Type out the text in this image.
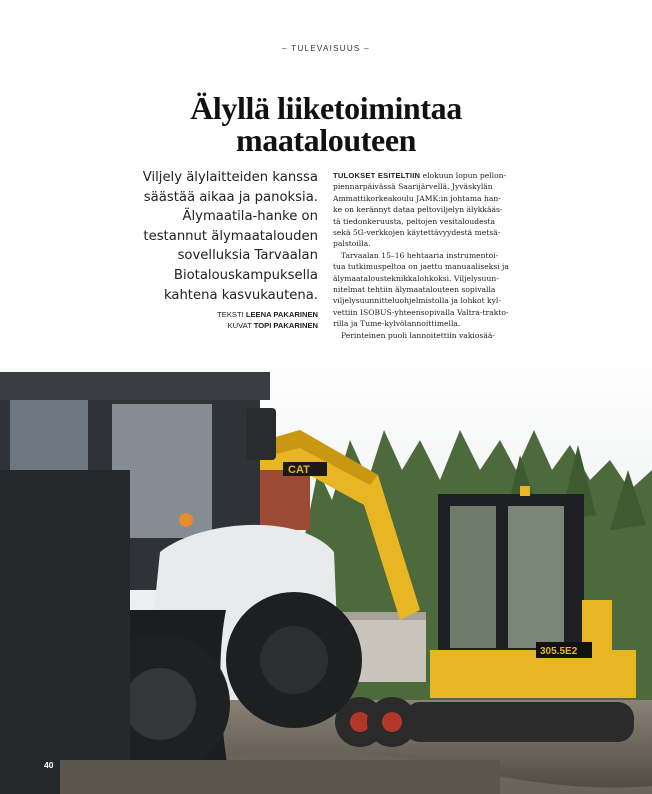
– TULEVAISUUS –
Älyllä liiketoimintaa
maatalouteen
Viljely älylaitteiden kanssa
säästää aikaa ja panoksia.
Älymaatila-hanke on
testannut älymaatalouden
sovelluksia Tarvaalan
Biotalouskampuksella
kahtena kasvukautena.
TEKSTI LEENA PAKARINEN
KUVAT TOPI PAKARINEN

TULOKSET ESITELTIIN elokuun lopun pellon-
piennarpäivässä Saarijärvellä. Jyväskylän
Ammattikorkeakoulu JAMK:in johtama han-
ke on kerännyt dataa peltoviljelyn älykkääs-
tä tiedonkeruusta, peltojen vesitaloudesta
sekä 5G-verkkojen käytettävyydestä metsä-
palstoilla.

Tarvaalan 15–16 hehtaaria instrumentoi-
tua tutkimuspeltoa on jaettu manuaaliseksi ja
älymaatalousteknikkalohkoksi. Viljelysuun-
nitelmat tehtiin älymaatalouteen sopivalla
viljelysuunnitteluohjelmistolla ja lohkot kyl-
vettiin ISOBUS-yhteensopivalla Valtra-trakto-
rilla ja Tume-kylvölannoittimella.

Perinteinen puoli lannoitettiin vakiosää-

CAT
305.5E2
40
